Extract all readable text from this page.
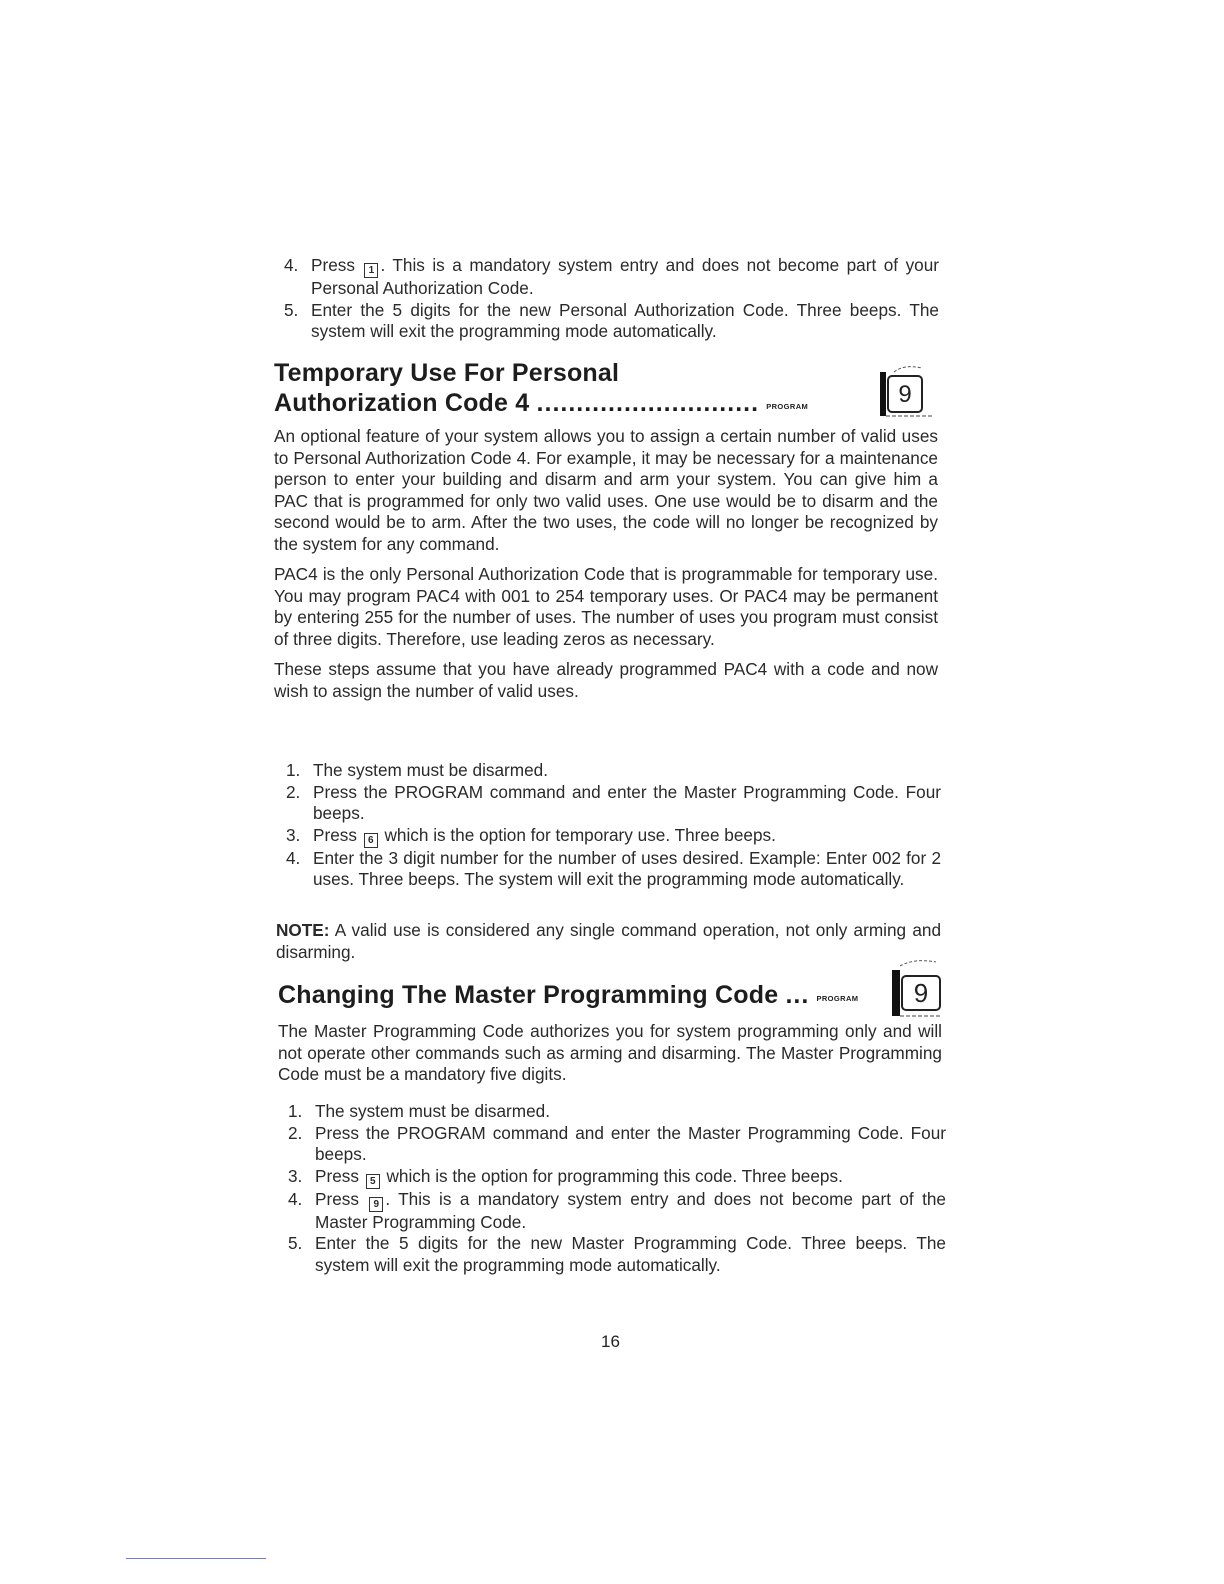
4. Press 1 . This is a mandatory system entry and does not become part of your Personal Authorization Code.
5. Enter the 5 digits for the new Personal Authorization Code. Three beeps. The system will exit the programming mode automatically.
Temporary Use For Personal
Authorization Code 4 ............................ PROGRAM	9

An optional feature of your system allows you to assign a certain number of valid uses to Personal Authorization Code 4. For example, it may be necessary for a maintenance person to enter your building and disarm and arm your system. You can give him a PAC that is programmed for only two valid uses. One use would be to disarm and the second would be to arm. After the two uses, the code will no longer be recognized by the system for any command.

PAC4 is the only Personal Authorization Code that is programmable for temporary use. You may program PAC4 with 001 to 254 temporary uses. Or PAC4 may be permanent by entering 255 for the number of uses. The number of uses you program must consist of three digits. Therefore, use leading zeros as necessary.

These steps assume that you have already programmed PAC4 with a code and now wish to assign the number of valid uses.

1. The system must be disarmed.
2. Press the PROGRAM command and enter the Master Programming Code. Four beeps.
3. Press 6 which is the option for temporary use. Three beeps.
4. Enter the 3 digit number for the number of uses desired. Example: Enter 002 for 2 uses. Three beeps. The system will exit the programming mode automatically.

NOTE: A valid use is considered any single command operation, not only arming and disarming.

Changing The Master Programming Code ... PROGRAM 9

The Master Programming Code authorizes you for system programming only and will not operate other commands such as arming and disarming. The Master Programming Code must be a mandatory five digits.

1. The system must be disarmed.
2. Press the PROGRAM command and enter the Master Programming Code. Four beeps.
3. Press 5 which is the option for programming this code. Three beeps.
4. Press 9 . This is a mandatory system entry and does not become part of the Master Programming Code.
5. Enter the 5 digits for the new Master Programming Code. Three beeps. The system will exit the programming mode automatically.
16
